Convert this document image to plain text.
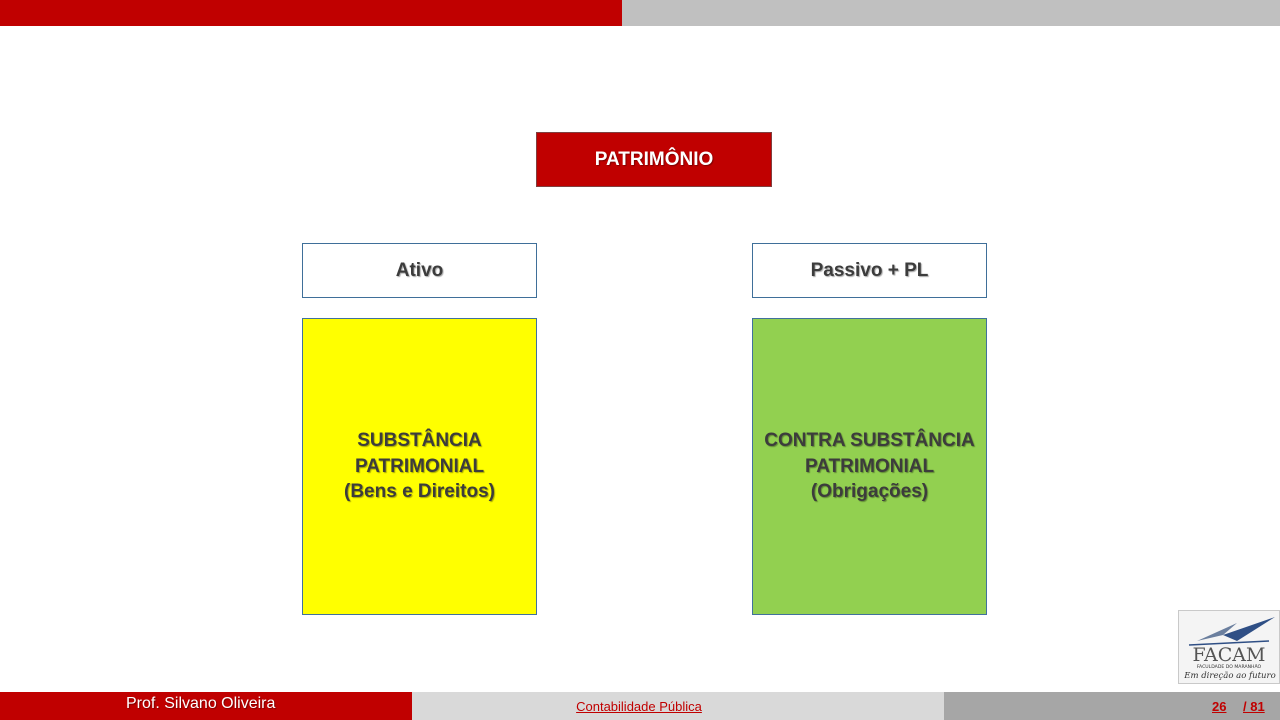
PATRIMÔNIO
Ativo	Passivo + PL
SUBSTÂNCIA
PATRIMONIAL
(Bens e Direitos)
CONTRA SUBSTÂNCIA
PATRIMONIAL
(Obrigações)
FACAM
FACULDADE DO MARANHÃO
Em direção ao futuro
Prof. Silvano Oliveira	Contabilidade Pública	26 / 81
